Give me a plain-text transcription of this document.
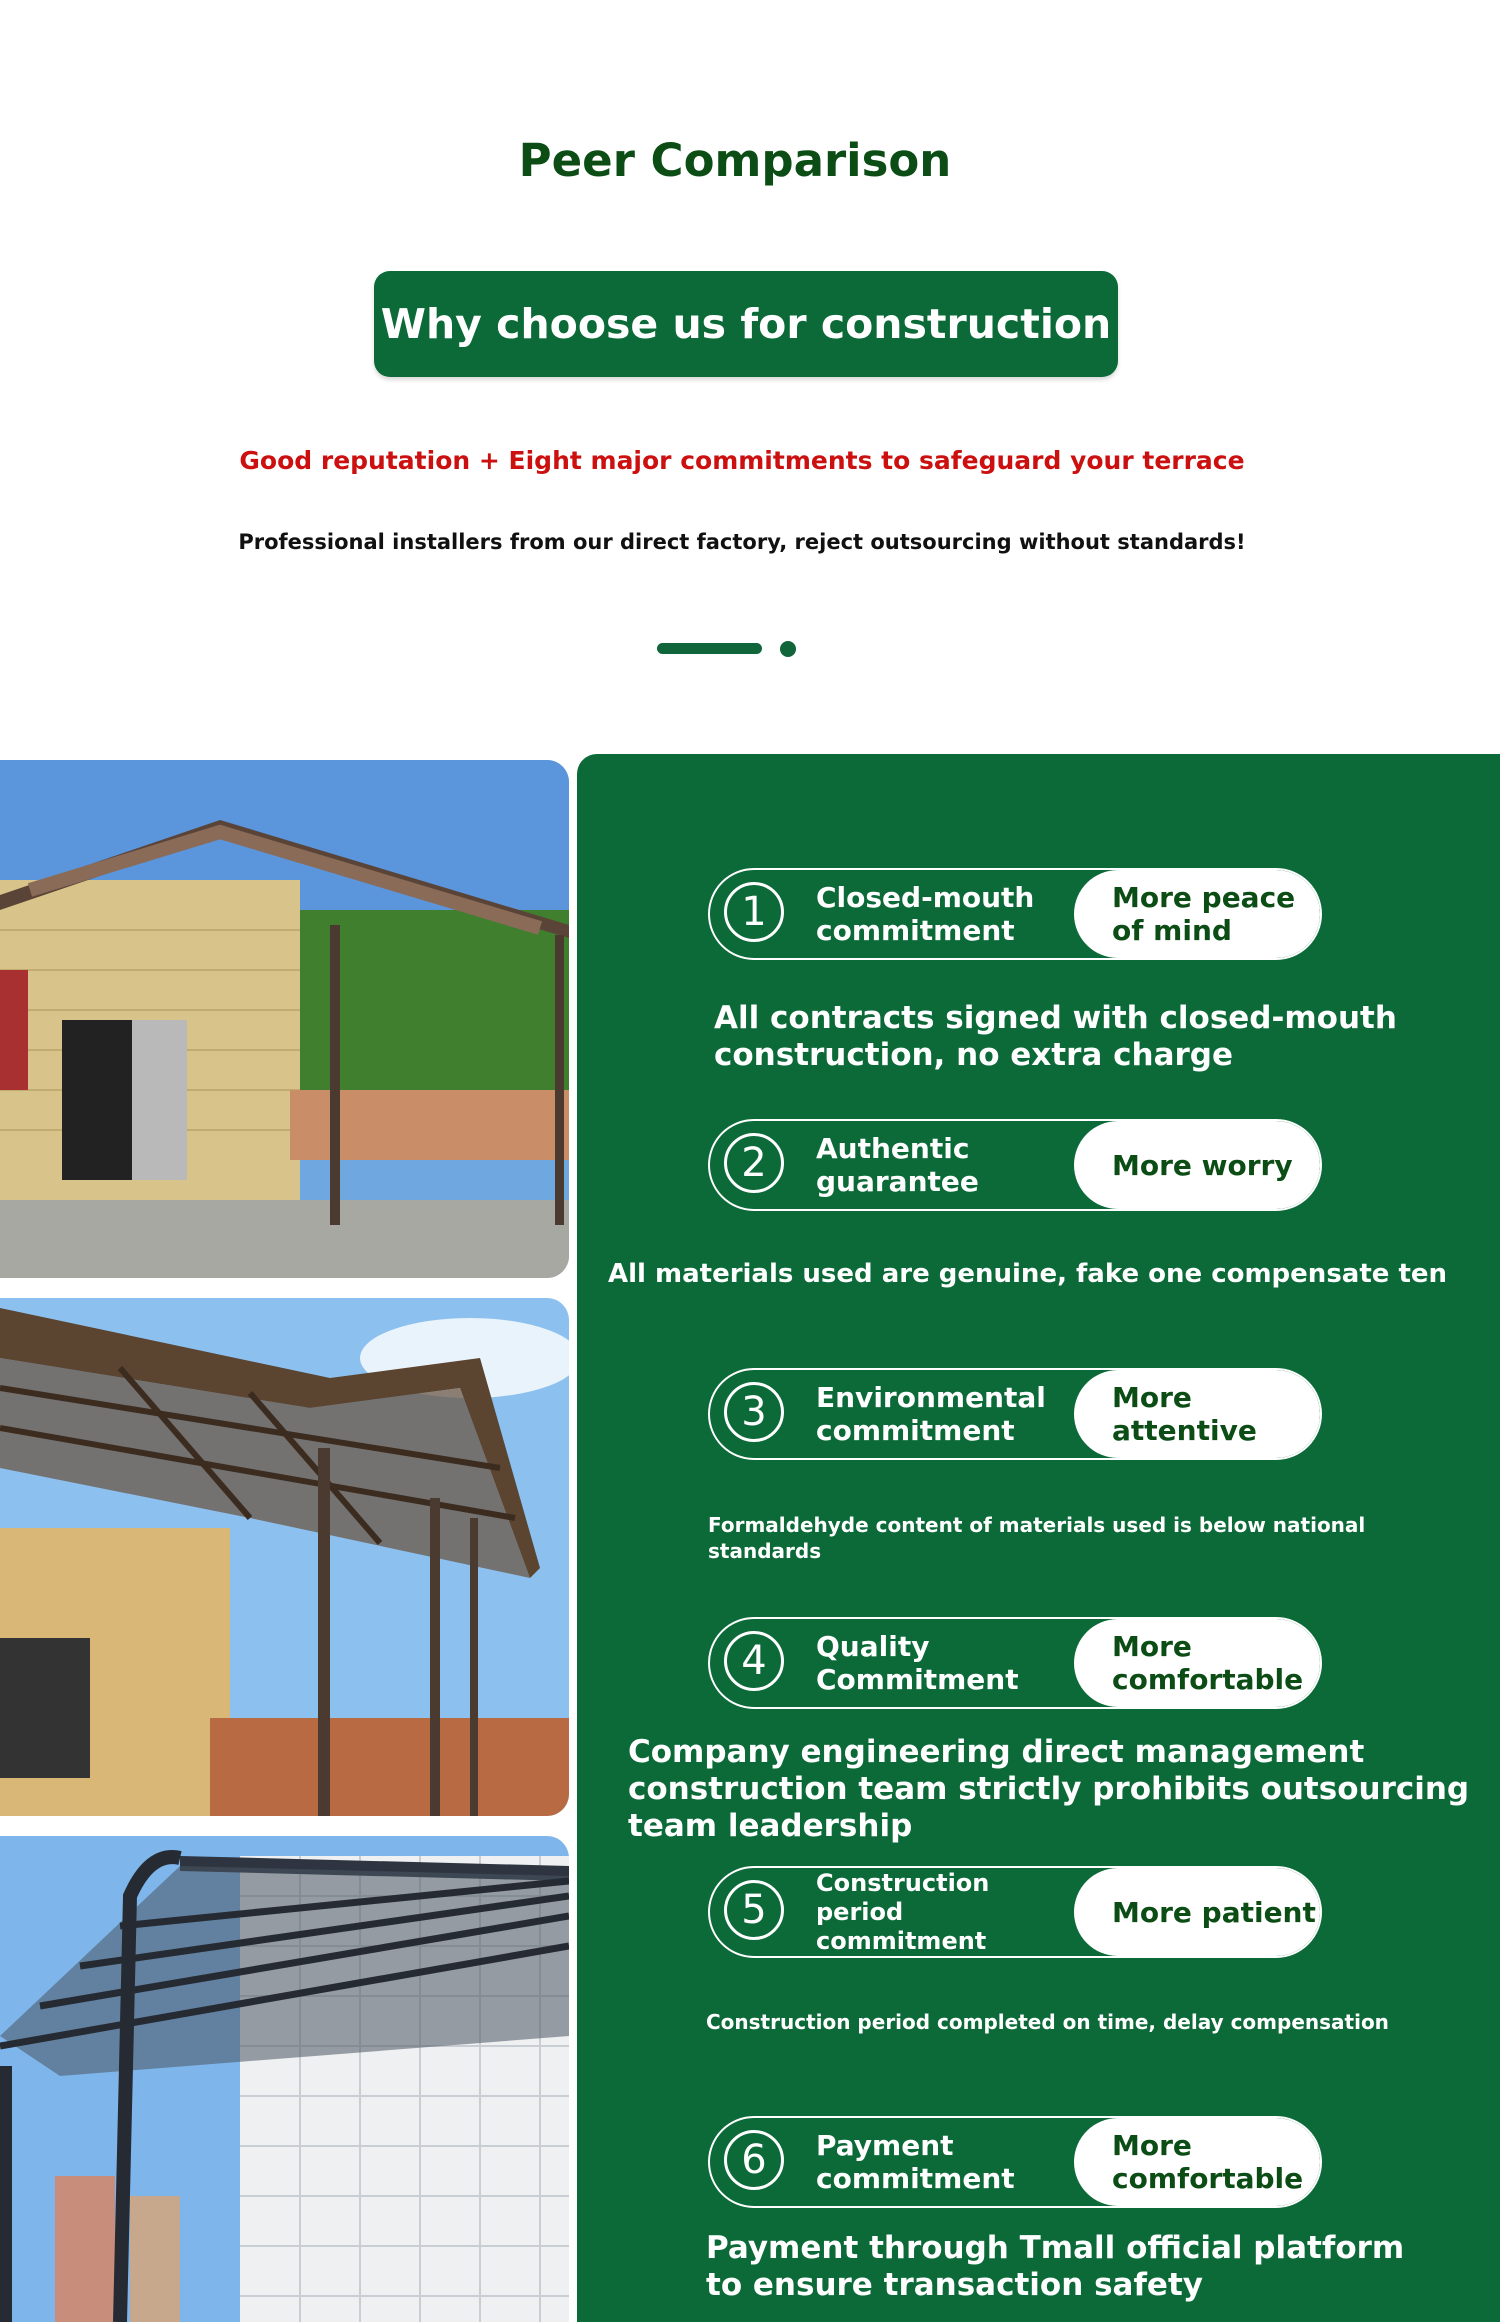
Peer Comparison
Why choose us for construction
Good reputation + Eight major commitments to safeguard your terrace
Professional installers from our direct factory, reject outsourcing without standards!
1	Closed-mouth commitment
More peace of mind
All contracts signed with closed-mouth construction, no extra charge
2	Authentic guarantee	More worry
All materials used are genuine, fake one compensate ten
3	Environmental commitment
More attentive
Formaldehyde content of materials used is below national standards
4	Quality Commitment
More comfortable
Company engineering direct management construction team strictly prohibits outsourcing team leadership
5
Construction period commitment
More patient
Construction period completed on time, delay compensation
6	Payment commitment
More comfortable
Payment through Tmall official platform to ensure transaction safety
